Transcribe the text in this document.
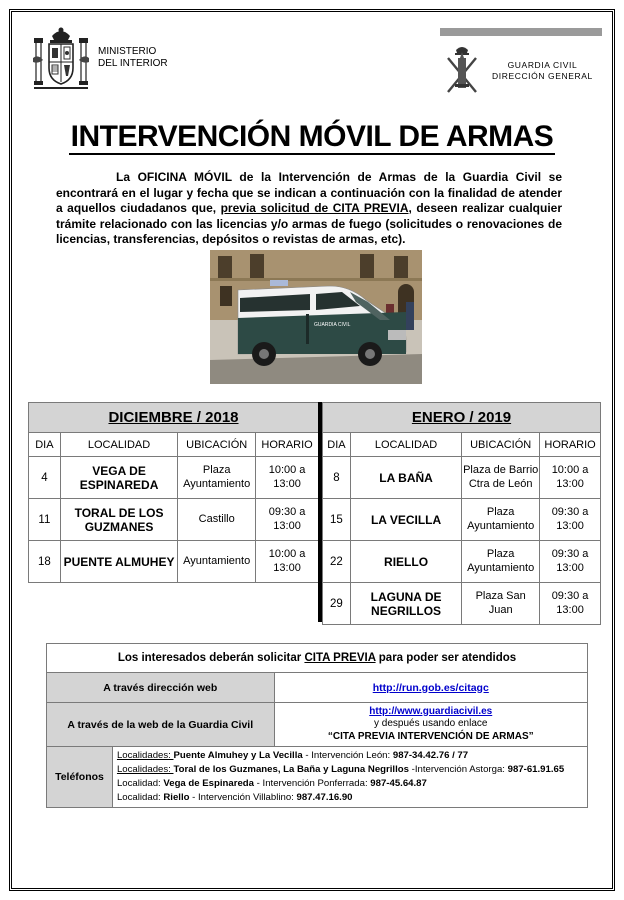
MINISTERIO
DEL INTERIOR	GUARDIA CIVIL
DIRECCIÓN GENERAL
INTERVENCIÓN MÓVIL DE ARMAS
La OFICINA MÓVIL de la Intervención de Armas de la Guardia Civil se encontrará en el lugar y fecha que se indican a continuación con la finalidad de atender a aquellos ciudadanos que, previa solicitud de CITA PREVIA, deseen realizar cualquier trámite relacionado con las licencias y/o armas de fuego (solicitudes o renovaciones de licencias, transferencias, depósitos o revistas de armas, etc).
GUARDIA CIVIL
DICIEMBRE / 2018			
DIA	LOCALIDAD	UBICACIÓN	HORARIO
4	VEGA DE ESPINAREDA	Plaza Ayuntamiento	10:00 a 13:00
11	TORAL DE LOS GUZMANES	Castillo	09:30 a 13:00
18	PUENTE ALMUHEY	Ayuntamiento	10:00 a 13:00
ENERO / 2019			
DIA	LOCALIDAD	UBICACIÓN	HORARIO
8	LA BAÑA	Plaza de Barrio Ctra de León	10:00 a 13:00
15	LA VECILLA	Plaza Ayuntamiento	09:30 a 13:00
22	RIELLO	Plaza Ayuntamiento	09:30 a 13:00
29	LAGUNA DE NEGRILLOS	Plaza San Juan	09:30 a 13:00
Los interesados deberán solicitar CITA PREVIA para poder ser atendidos		
A través dirección web		http://run.gob.es/citagc
A través de la web de la Guardia Civil		http://www.guardiacivil.es
y después usando enlace
“CITA PREVIA INTERVENCIÓN DE ARMAS”

Teléfonos	Localidades: Puente Almuhey y La Vecilla - Intervención León: 987-34.42.76 / 77
Localidades: Toral de los Guzmanes, La Baña y Laguna Negrillos -Intervención Astorga: 987-61.91.65
Localidad: Vega de Espinareda - Intervención Ponferrada: 987-45.64.87
Localidad: Riello - Intervención Villablino: 987.47.16.90	
